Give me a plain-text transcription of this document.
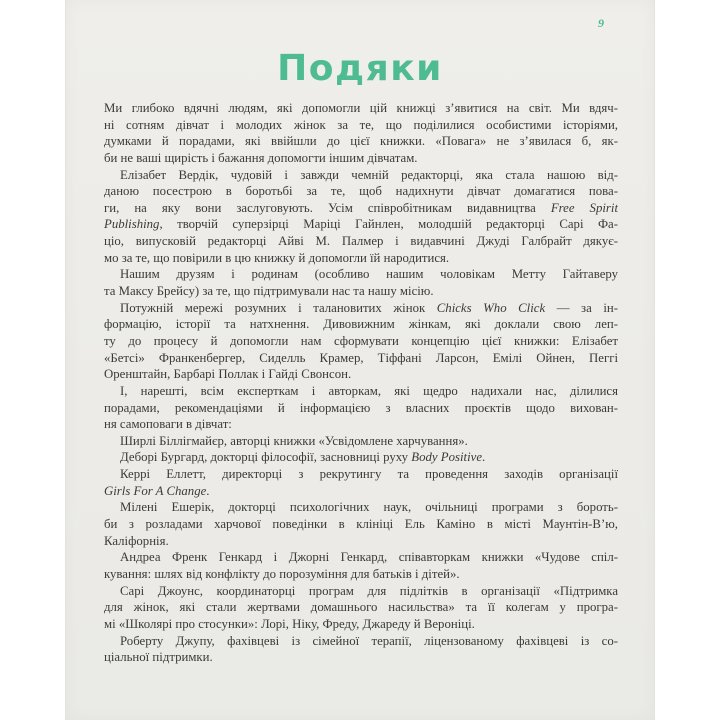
9
Подяки
Ми глибоко вдячні людям, які допомогли цій книжці з’явитися на світ. Ми вдяч-
ні сотням дівчат і молодих жінок за те, що поділилися особистими історіями,
думками й порадами, які ввійшли до цієї книжки. «Повага» не з’явилася б, як-
би не ваші щирість і бажання допомогти іншим дівчатам.
Елізабет Вердік, чудовій і завжди чемній редакторці, яка стала нашою від-
даною посестрою в боротьбі за те, щоб надихнути дівчат домагатися пова-
ги, на яку вони заслуговують. Усім співробітникам видавництва Free Spirit
Publishing, творчій суперзірці Маріці Гайнлен, молодшій редакторці Сарі Фа-
ціо, випусковій редакторці Айві М. Палмер і видавчині Джуді Галбрайт дякує-
мо за те, що повірили в цю книжку й допомогли їй народитися.
Нашим друзям і родинам (особливо нашим чоловікам Метту Гайтаверу
та Максу Брейсу) за те, що підтримували нас та нашу місію.
Потужній мережі розумних і талановитих жінок Chicks Who Click — за ін-
формацію, історії та натхнення. Дивовижним жінкам, які доклали свою леп-
ту до процесу й допомогли нам сформувати концепцію цієї книжки: Елізабет
«Бетсі» Франкенбергер, Сиделль Крамер, Тіффані Ларсон, Емілі Ойнен, Пеггі
Оренштайн, Барбарі Поллак і Гайді Свонсон.
І, нарешті, всім експерткам і авторкам, які щедро надихали нас, ділилися
порадами, рекомендаціями й інформацією з власних проєктів щодо вихован-
ня самоповаги в дівчат:
Ширлі Біллігмайєр, авторці книжки «Усвідомлене харчування».
Деборі Бургард, докторці філософії, засновниці руху Body Positive.
Керрі Еллетт, директорці з рекрутингу та проведення заходів організації
Girls For A Change.
Мілені Ешерік, докторці психологічних наук, очільниці програми з бороть-
би з розладами харчової поведінки в клініці Ель Каміно в місті Маунтін-В’ю,
Каліфорнія.
Андреа Френк Генкард і Джорні Генкард, співавторкам книжки «Чудове спіл-
кування: шлях від конфлікту до порозуміння для батьків і дітей».
Сарі Джоунс, координаторці програм для підлітків в організації «Підтримка
для жінок, які стали жертвами домашнього насильства» та її колегам у програ-
мі «Школярі про стосунки»: Лорі, Ніку, Фреду, Джареду й Вероніці.
Роберту Джупу, фахівцеві із сімейної терапії, ліцензованому фахівцеві із со-
ціальної підтримки.
